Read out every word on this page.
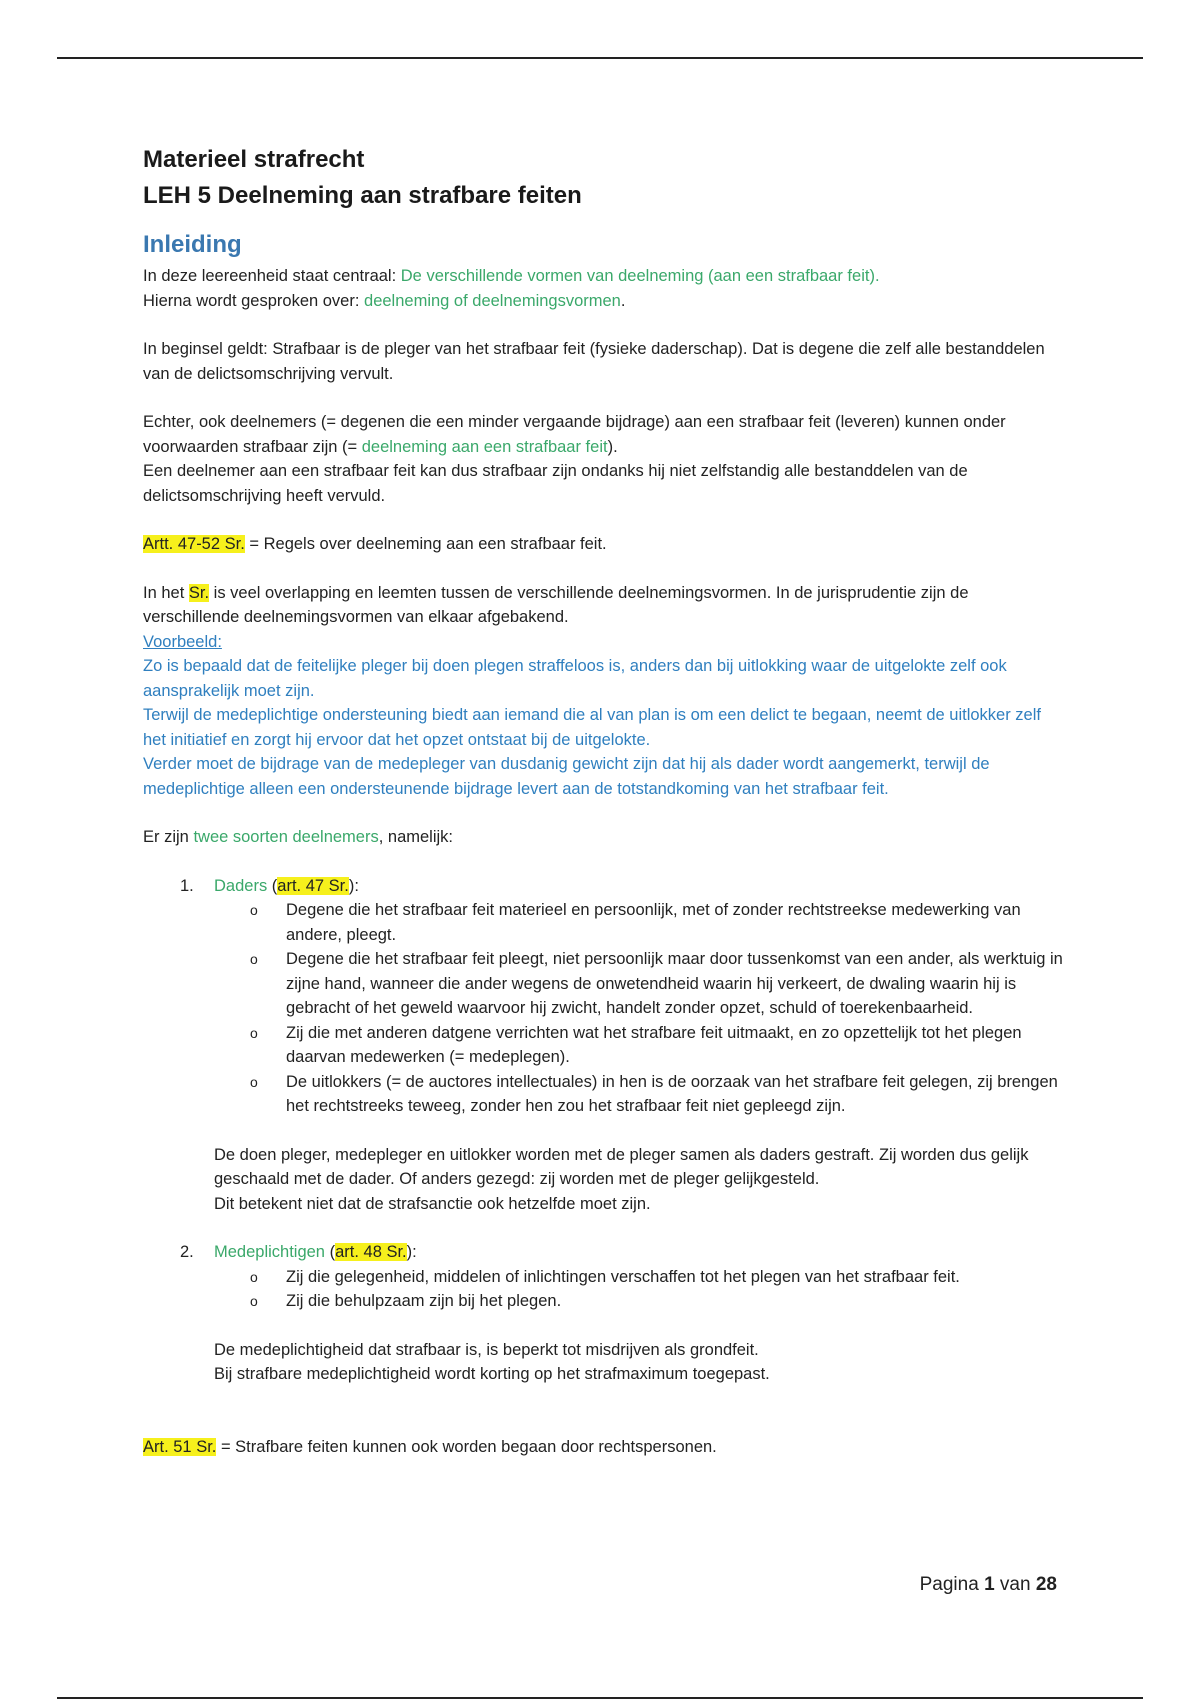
Materieel strafrecht
LEH 5 Deelneming aan strafbare feiten
Inleiding

In deze leereenheid staat centraal: De verschillende vormen van deelneming (aan een strafbaar feit).
Hierna wordt gesproken over: deelneming of deelnemingsvormen.

In beginsel geldt: Strafbaar is de pleger van het strafbaar feit (fysieke daderschap). Dat is degene die zelf alle bestanddelen van de delictsomschrijving vervult.

Echter, ook deelnemers (= degenen die een minder vergaande bijdrage) aan een strafbaar feit (leveren) kunnen onder voorwaarden strafbaar zijn (= deelneming aan een strafbaar feit).
Een deelnemer aan een strafbaar feit kan dus strafbaar zijn ondanks hij niet zelfstandig alle bestanddelen van de delictsomschrijving heeft vervuld.

Artt. 47-52 Sr. = Regels over deelneming aan een strafbaar feit.

In het Sr. is veel overlapping en leemten tussen de verschillende deelnemingsvormen. In de jurisprudentie zijn de verschillende deelnemingsvormen van elkaar afgebakend.

Voorbeeld:
Zo is bepaald dat de feitelijke pleger bij doen plegen straffeloos is, anders dan bij uitlokking waar de uitgelokte zelf ook aansprakelijk moet zijn.
Terwijl de medeplichtige ondersteuning biedt aan iemand die al van plan is om een delict te begaan, neemt de uitlokker zelf het initiatief en zorgt hij ervoor dat het opzet ontstaat bij de uitgelokte.
Verder moet de bijdrage van de medepleger van dusdanig gewicht zijn dat hij als dader wordt aangemerkt, terwijl de medeplichtige alleen een ondersteunende bijdrage levert aan de totstandkoming van het strafbaar feit.

Er zijn twee soorten deelnemers, namelijk:

1. Daders (art. 47 Sr.):
o Degene die het strafbaar feit materieel en persoonlijk, met of zonder rechtstreekse medewerking van andere, pleegt.
o Degene die het strafbaar feit pleegt, niet persoonlijk maar door tussenkomst van een ander, als werktuig in zijne hand, wanneer die ander wegens de onwetendheid waarin hij verkeert, de dwaling waarin hij is gebracht of het geweld waarvoor hij zwicht, handelt zonder opzet, schuld of toerekenbaarheid.
o Zij die met anderen datgene verrichten wat het strafbare feit uitmaakt, en zo opzettelijk tot het plegen daarvan medewerken (= medeplegen).
o De uitlokkers (= de auctores intellectuales) in hen is de oorzaak van het strafbare feit gelegen, zij brengen het rechtstreeks teweeg, zonder hen zou het strafbaar feit niet gepleegd zijn.

De doen pleger, medepleger en uitlokker worden met de pleger samen als daders gestraft. Zij worden dus gelijk geschaald met de dader. Of anders gezegd: zij worden met de pleger gelijkgesteld.
Dit betekent niet dat de strafsanctie ook hetzelfde moet zijn.

2. Medeplichtigen (art. 48 Sr.):
o Zij die gelegenheid, middelen of inlichtingen verschaffen tot het plegen van het strafbaar feit.
o Zij die behulpzaam zijn bij het plegen.

De medeplichtigheid dat strafbaar is, is beperkt tot misdrijven als grondfeit.
Bij strafbare medeplichtigheid wordt korting op het strafmaximum toegepast.

Art. 51 Sr. = Strafbare feiten kunnen ook worden begaan door rechtspersonen.

Pagina 1 van 28
